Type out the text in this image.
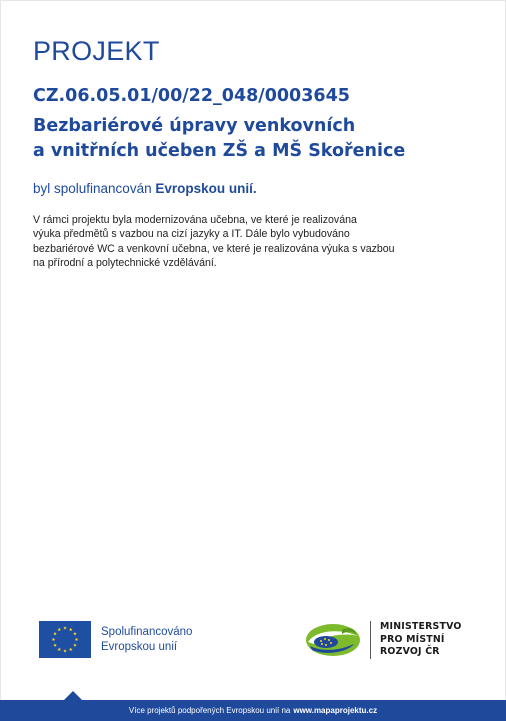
PROJEKT
CZ.06.05.01/00/22_048/0003645
Bezbariérové úpravy venkovních
a vnitřních učeben ZŠ a MŠ Skořenice
byl spolufinancován Evropskou unií.
V rámci projektu byla modernizována učebna, ve které je realizována
výuka předmětů s vazbou na cizí jazyky a IT. Dále bylo vybudováno
bezbariérové WC a venkovní učebna, ve které je realizována výuka s vazbou
na přírodní a polytechnické vzdělávání.
Spolufinancováno
Evropskou unií
MINISTERSTVO
PRO MÍSTNÍ
ROZVOJ ČR
Více projektů podpořených Evropskou unií na www.mapaprojektu.cz
